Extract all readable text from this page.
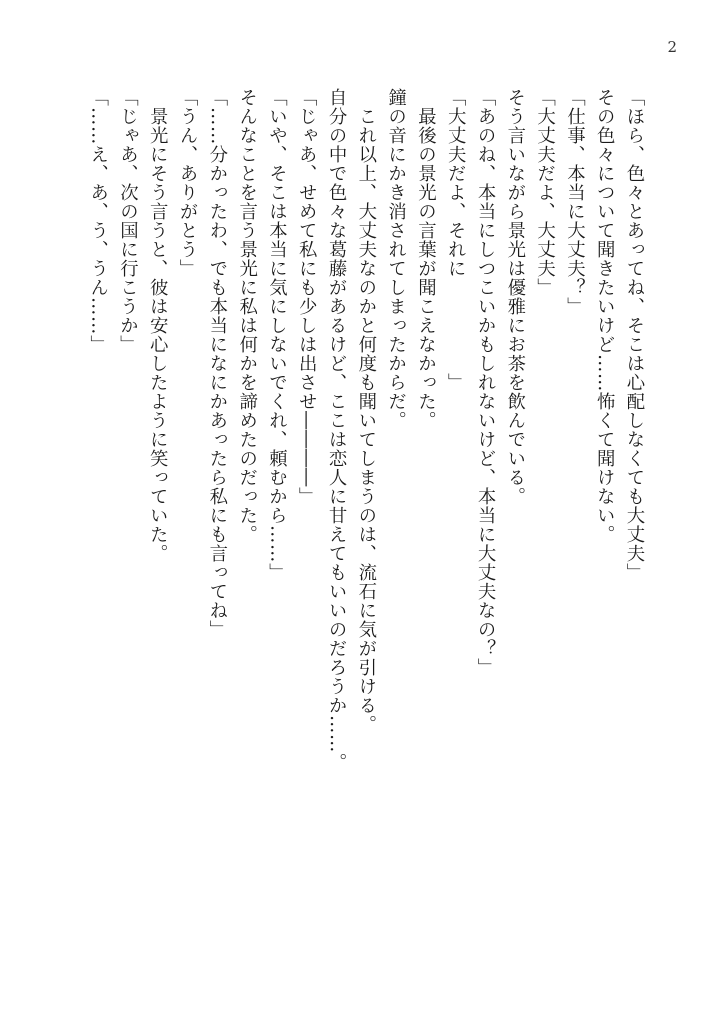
2

「ほら、色々とあってね、そこは心配しなくても大丈夫」

その色々について聞きたいけど……怖くて聞けない。

「仕事、本当に大丈夫？」

「大丈夫だよ、大丈夫」

そう言いながら景光は優雅にお茶を飲んでいる。

「あのね、本当にしつこいかもしれないけど、本当に大丈夫なの？」

「大丈夫だよ、それに　　　　　」

　最後の景光の言葉が聞こえなかった。

鐘の音にかき消されてしまったからだ。

　これ以上、大丈夫なのかと何度も聞いてしまうのは、流石に気が引ける。

自分の中で色々な葛藤があるけど、ここは恋人に甘えてもいいのだろうか……。

「じゃあ、せめて私にも少しは出させ――――」

「いや、そこは本当に気にしないでくれ、頼むから……」

そんなことを言う景光に私は何かを諦めたのだった。

「……分かったわ、でも本当になにかあったら私にも言ってね」

「うん、ありがとう」

　景光にそう言うと、彼は安心したように笑っていた。

「じゃあ、次の国に行こうか」

「……え、あ、う、うん……」
